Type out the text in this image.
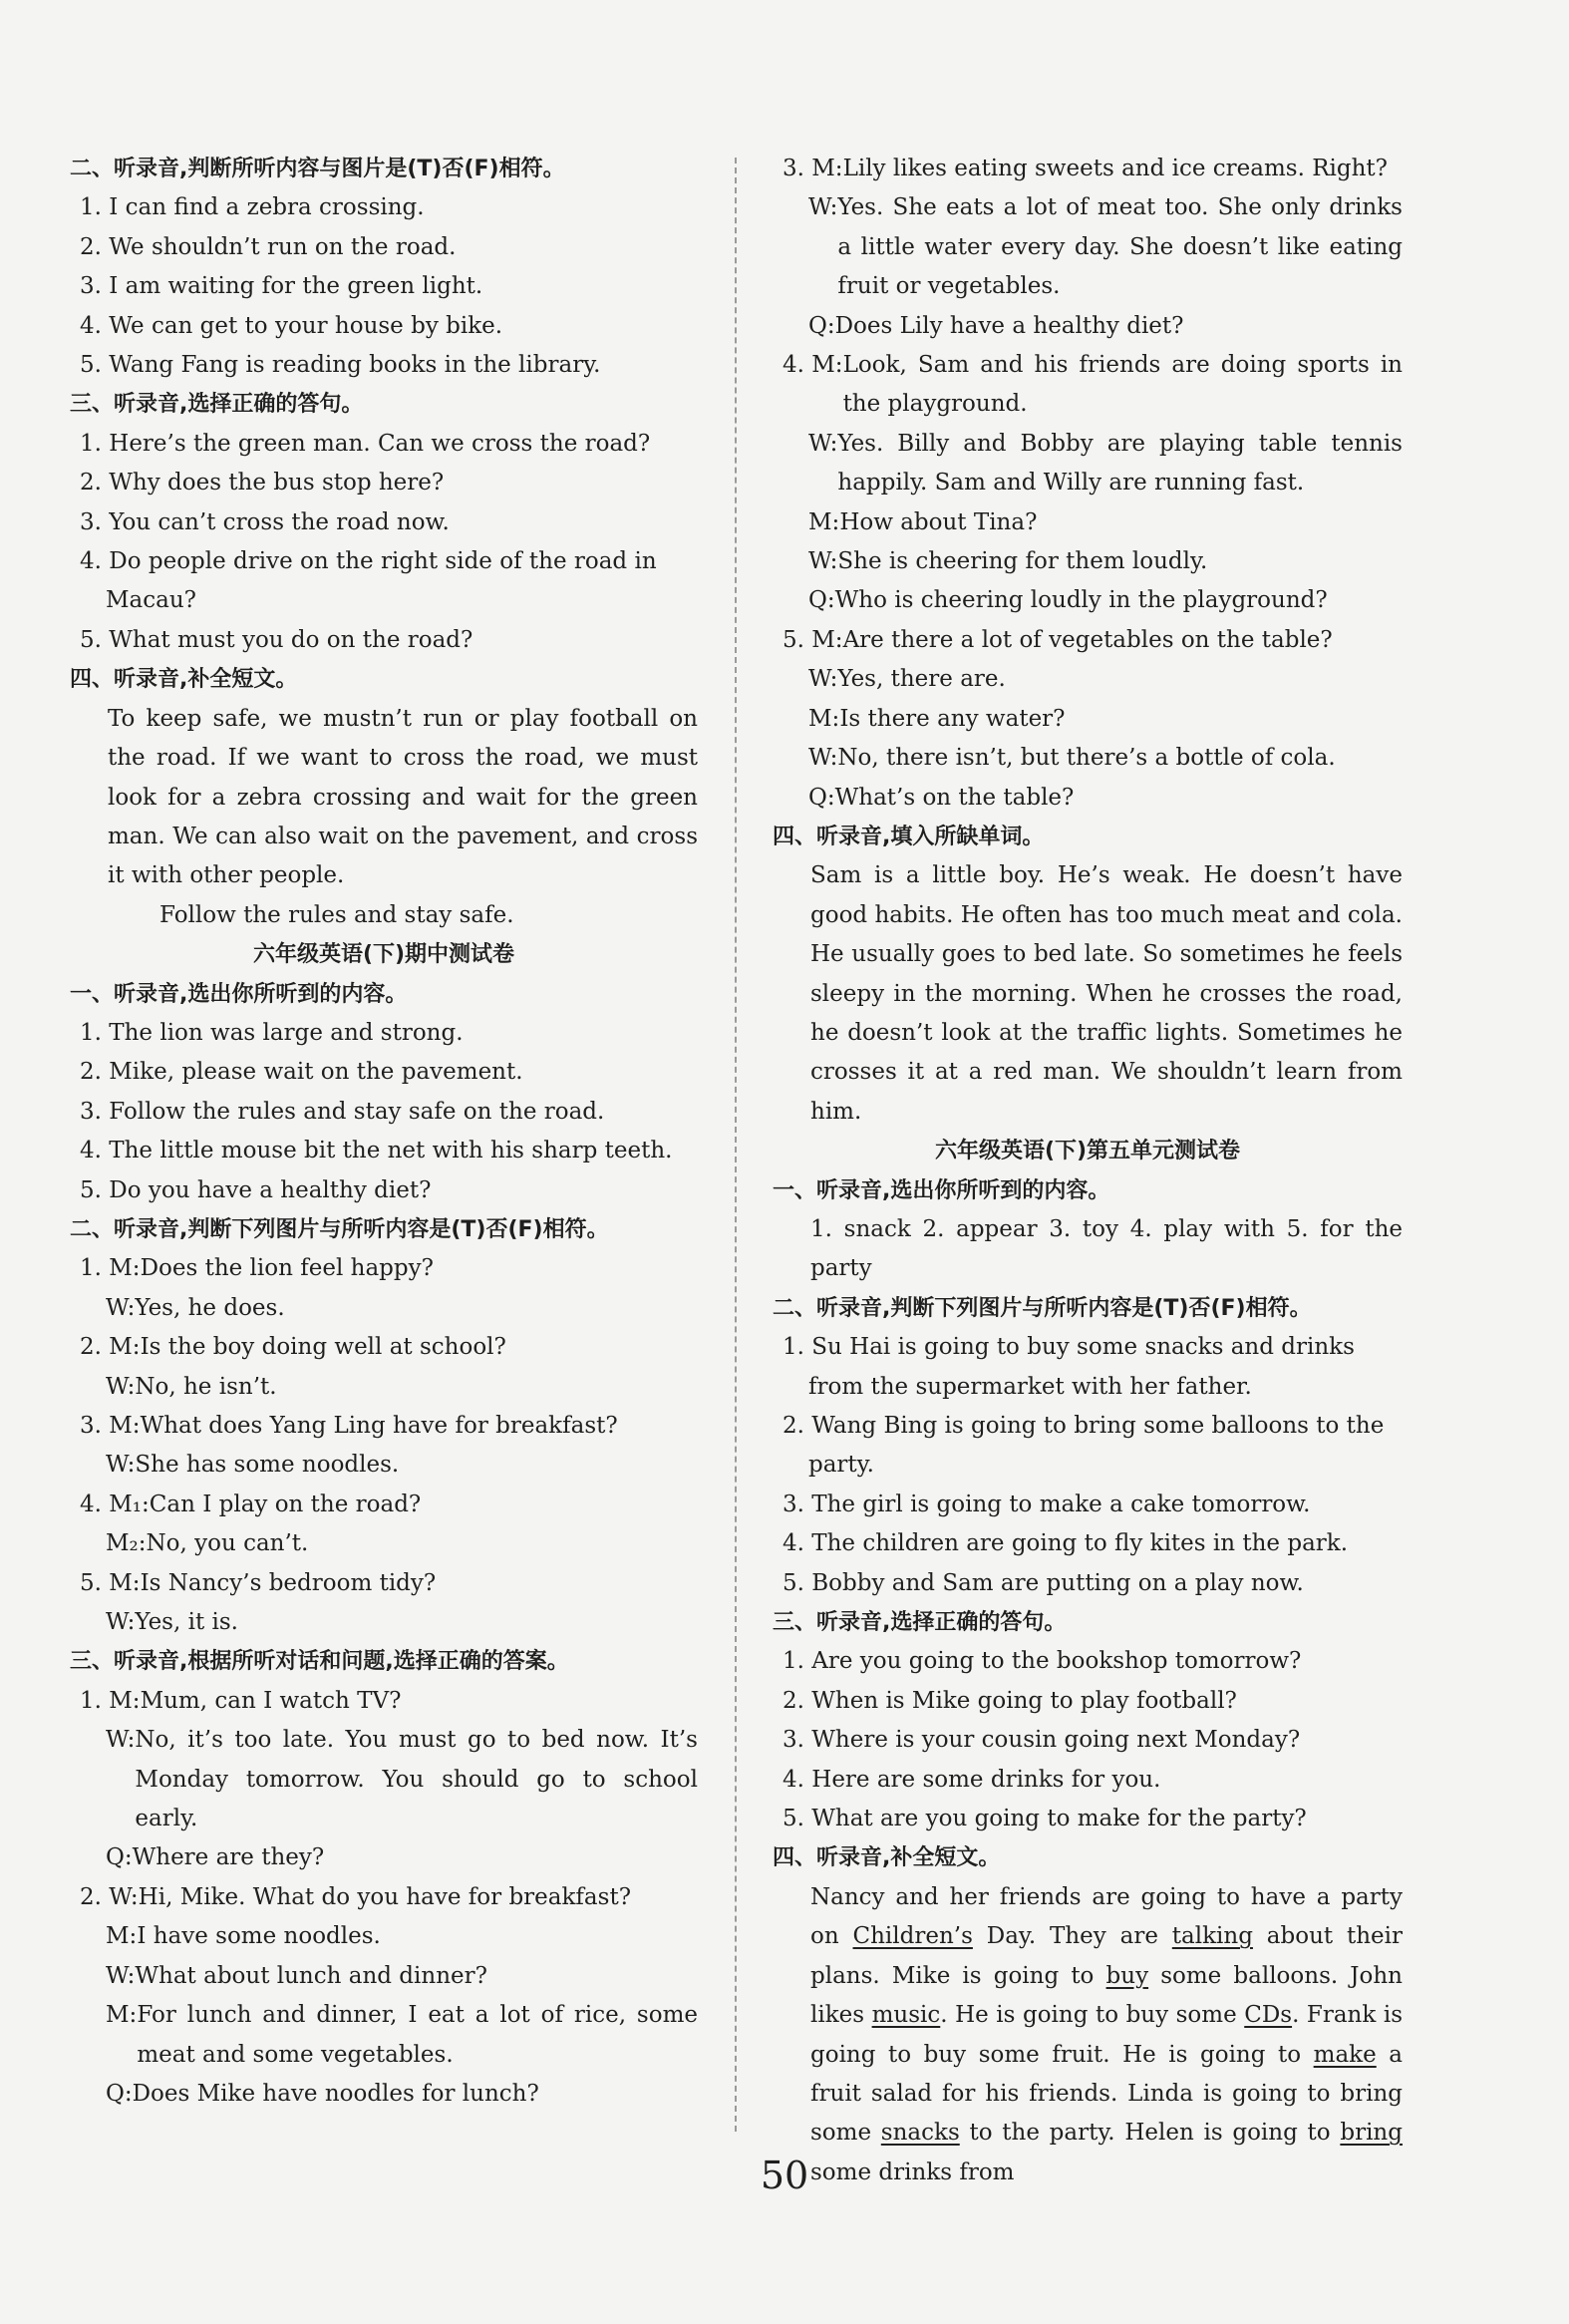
二、听录音,判断所听内容与图片是(T)否(F)相符。
1. I can find a zebra crossing.
2. We shouldn’t run on the road.
3. I am waiting for the green light.
4. We can get to your house by bike.
5. Wang Fang is reading books in the library.
三、听录音,选择正确的答句。
1. Here’s the green man. Can we cross the road?
2. Why does the bus stop here?
3. You can’t cross the road now.
4. Do people drive on the right side of the road in Macau?
5. What must you do on the road?
四、听录音,补全短文。
To keep safe, we mustn’t run or play football on the road. If we want to cross the road, we must look for a zebra crossing and wait for the green man. We can also wait on the pavement, and cross it with other people.
Follow the rules and stay safe.
六年级英语(下)期中测试卷
一、听录音,选出你所听到的内容。
1. The lion was large and strong.
2. Mike, please wait on the pavement.
3. Follow the rules and stay safe on the road.
4. The little mouse bit the net with his sharp teeth.
5. Do you have a healthy diet?
二、听录音,判断下列图片与所听内容是(T)否(F)相符。
1. M: Does the lion feel happy?
W: Yes, he does.
2. M: Is the boy doing well at school?
W: No, he isn’t.
3. M: What does Yang Ling have for breakfast?
W: She has some noodles.
4. M₁: Can I play on the road?
M₂: No, you can’t.
5. M: Is Nancy’s bedroom tidy?
W: Yes, it is.
三、听录音,根据所听对话和问题,选择正确的答案。
1. M: Mum, can I watch TV?
W: No, it’s too late. You must go to bed now. It’s Monday tomorrow. You should go to school early.
Q: Where are they?
2. W: Hi, Mike. What do you have for breakfast?
M: I have some noodles.
W: What about lunch and dinner?
M: For lunch and dinner, I eat a lot of rice, some meat and some vegetables.
Q: Does Mike have noodles for lunch?
3. M: Lily likes eating sweets and ice creams. Right?
W: Yes. She eats a lot of meat too. She only drinks a little water every day. She doesn’t like eating fruit or vegetables.
Q: Does Lily have a healthy diet?
4. M: Look, Sam and his friends are doing sports in the playground.
W: Yes. Billy and Bobby are playing table tennis happily. Sam and Willy are running fast.
M: How about Tina?
W: She is cheering for them loudly.
Q: Who is cheering loudly in the playground?
5. M: Are there a lot of vegetables on the table?
W: Yes, there are.
M: Is there any water?
W: No, there isn’t, but there’s a bottle of cola.
Q: What’s on the table?
四、听录音,填入所缺单词。
Sam is a little boy. He’s weak. He doesn’t have good habits. He often has too much meat and cola. He usually goes to bed late. So sometimes he feels sleepy in the morning. When he crosses the road, he doesn’t look at the traffic lights. Sometimes he crosses it at a red man. We shouldn’t learn from him.
六年级英语(下)第五单元测试卷
一、听录音,选出你所听到的内容。
1. snack 2. appear 3. toy 4. play with 5. for the party
二、听录音,判断下列图片与所听内容是(T)否(F)相符。
1. Su Hai is going to buy some snacks and drinks from the supermarket with her father.
2. Wang Bing is going to bring some balloons to the party.
3. The girl is going to make a cake tomorrow.
4. The children are going to fly kites in the park.
5. Bobby and Sam are putting on a play now.
三、听录音,选择正确的答句。
1. Are you going to the bookshop tomorrow?
2. When is Mike going to play football?
3. Where is your cousin going next Monday?
4. Here are some drinks for you.
5. What are you going to make for the party?
四、听录音,补全短文。
Nancy and her friends are going to have a party on Children’s Day. They are talking about their plans. Mike is going to buy some balloons. John likes music. He is going to buy some CDs. Frank is going to buy some fruit. He is going to make a fruit salad for his friends. Linda is going to bring some snacks to the party. Helen is going to bring some drinks from
50
